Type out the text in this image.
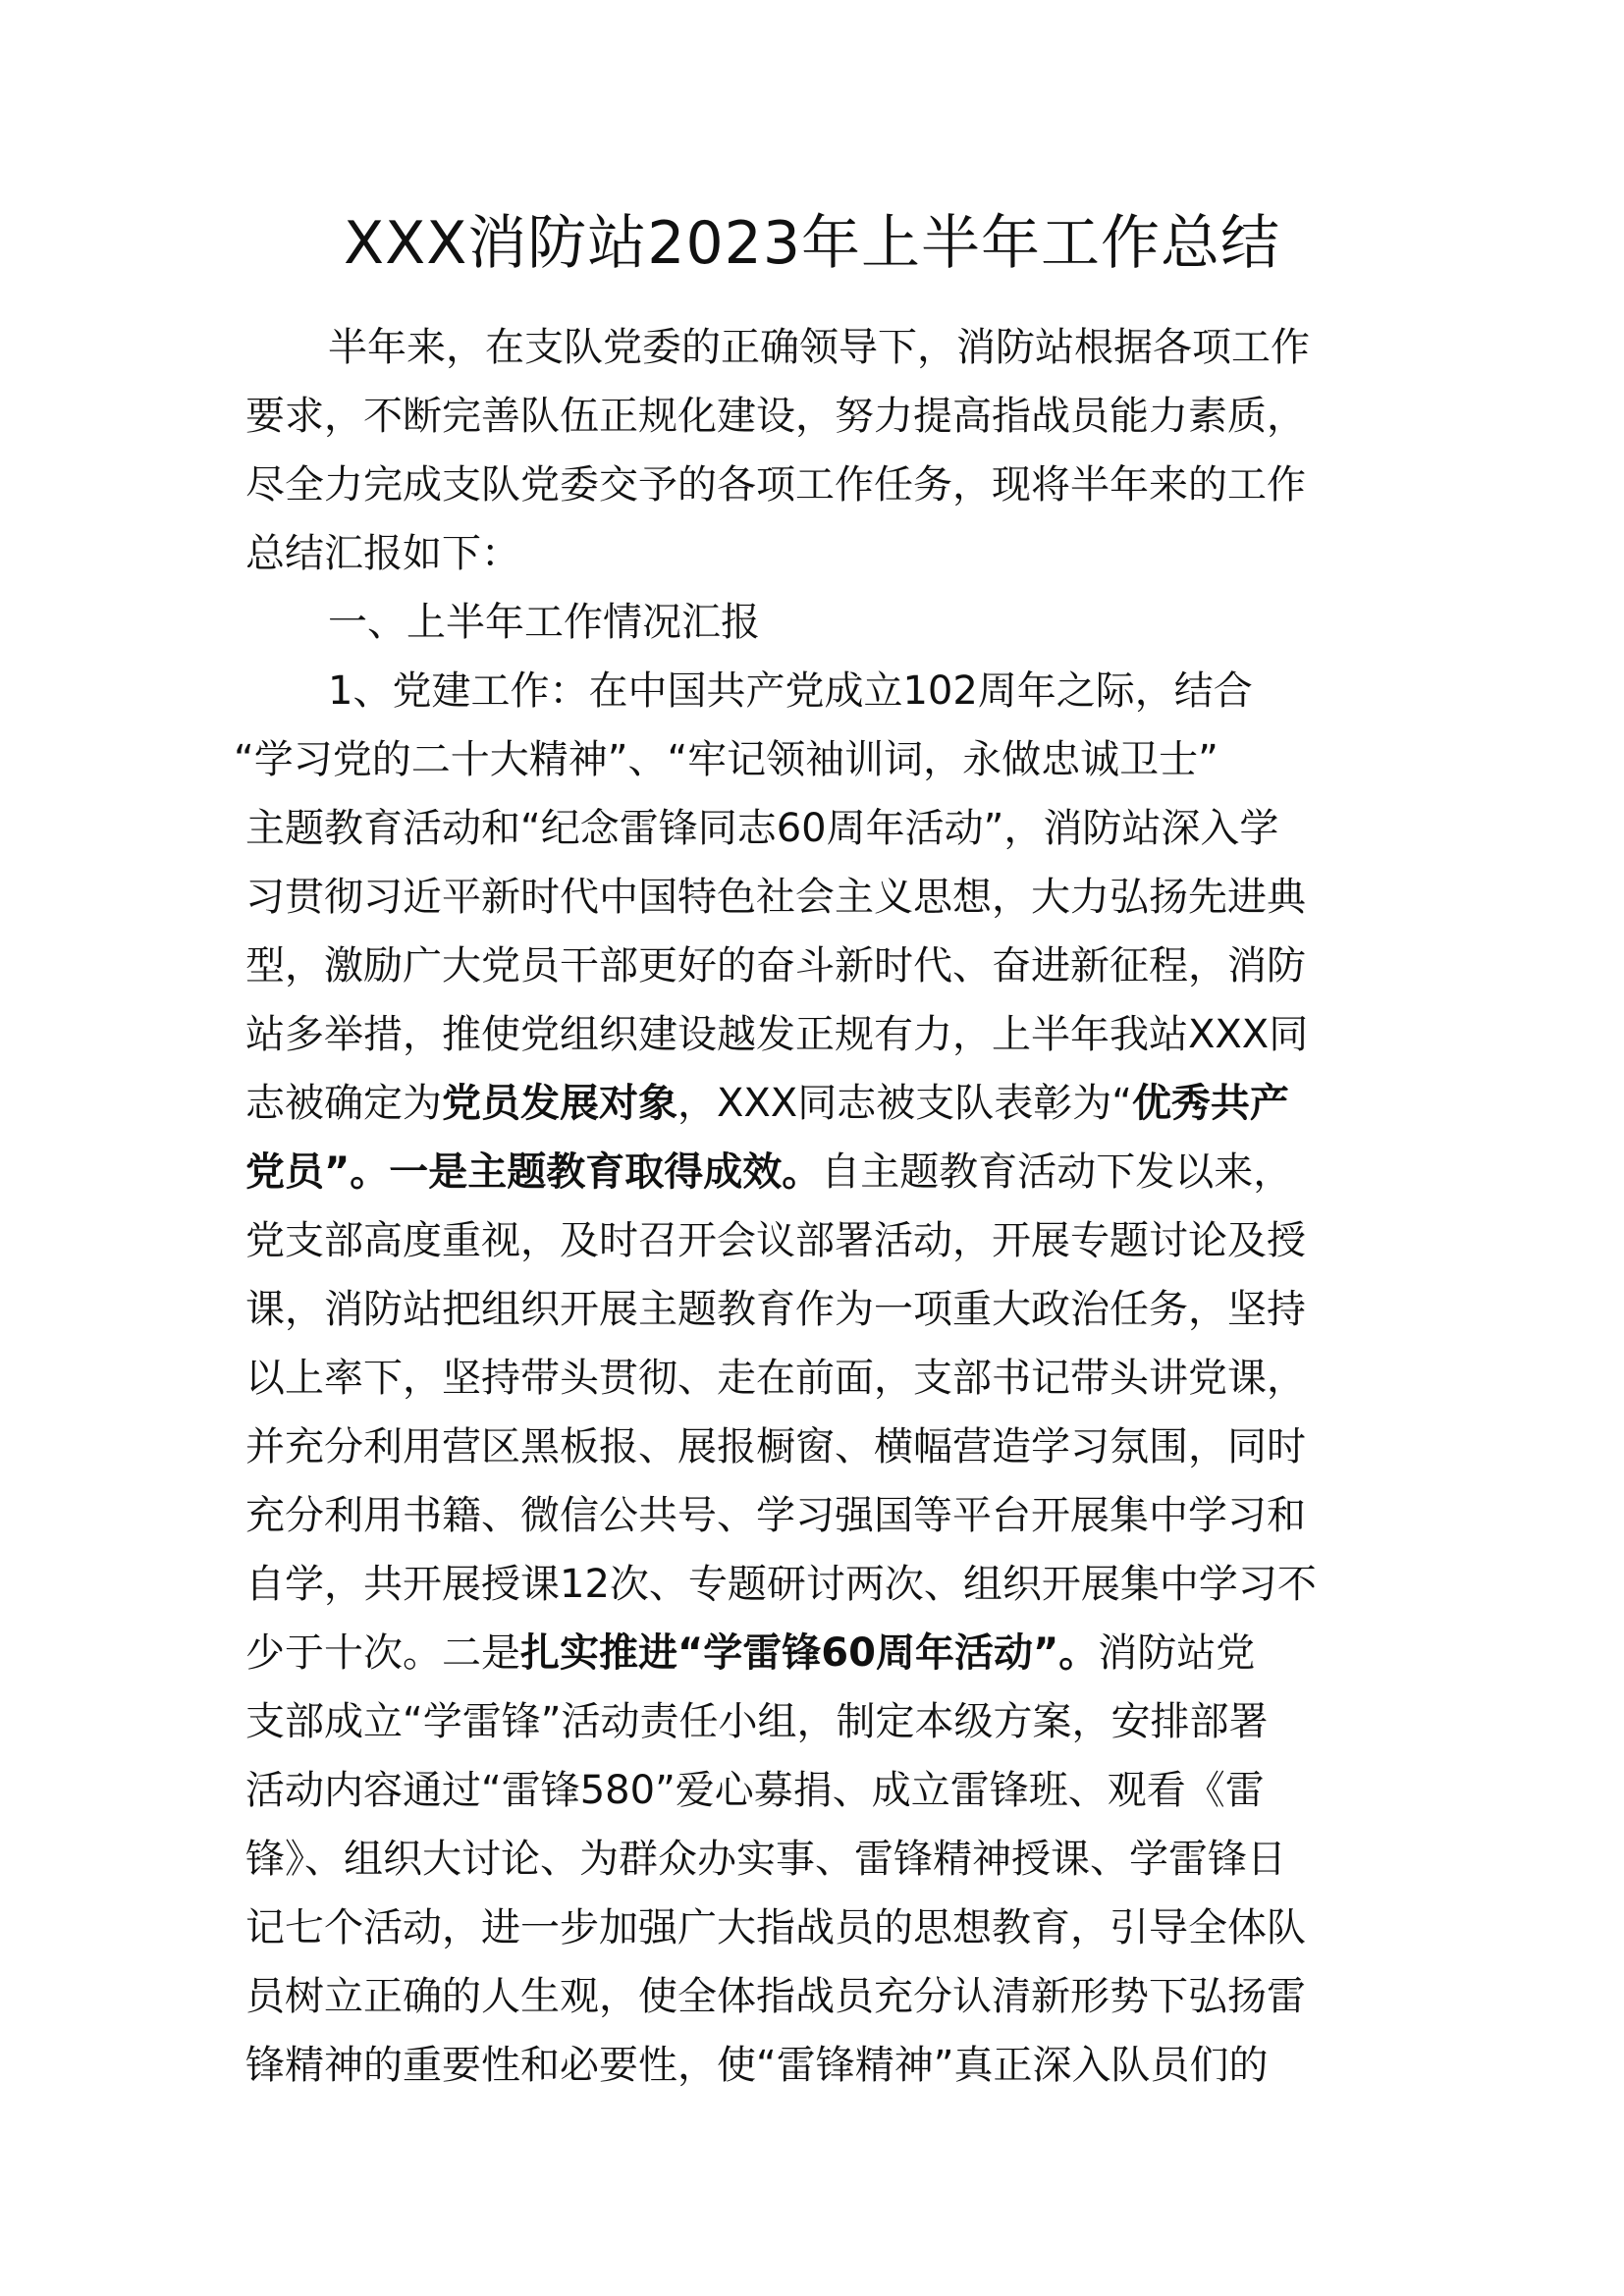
XXX消防站2023年上半年工作总结
半年来，在支队党委的正确领导下，消防站根据各项工作
要求，不断完善队伍正规化建设，努力提高指战员能力素质，
尽全力完成支队党委交予的各项工作任务，现将半年来的工作
总结汇报如下：
一、上半年工作情况汇报
1、党建工作：在中国共产党成立102周年之际，结合
“学习党的二十大精神”、“牢记领袖训词，永做忠诚卫士”
主题教育活动和“纪念雷锋同志60周年活动”，消防站深入学
习贯彻习近平新时代中国特色社会主义思想，大力弘扬先进典
型，激励广大党员干部更好的奋斗新时代、奋进新征程，消防
站多举措，推使党组织建设越发正规有力，上半年我站XXX同
志被确定为党员发展对象，XXX同志被支队表彰为“优秀共产
党员”。一是主题教育取得成效。自主题教育活动下发以来，
党支部高度重视，及时召开会议部署活动，开展专题讨论及授
课，消防站把组织开展主题教育作为一项重大政治任务，坚持
以上率下，坚持带头贯彻、走在前面，支部书记带头讲党课，
并充分利用营区黑板报、展报橱窗、横幅营造学习氛围，同时
充分利用书籍、微信公共号、学习强国等平台开展集中学习和
自学，共开展授课12次、专题研讨两次、组织开展集中学习不
少于十次。二是扎实推进“学雷锋60周年活动”。消防站党
支部成立“学雷锋”活动责任小组，制定本级方案，安排部署
活动内容通过“雷锋580”爱心募捐、成立雷锋班、观看《雷
锋》、组织大讨论、为群众办实事、雷锋精神授课、学雷锋日
记七个活动，进一步加强广大指战员的思想教育，引导全体队
员树立正确的人生观，使全体指战员充分认清新形势下弘扬雷
锋精神的重要性和必要性，使“雷锋精神”真正深入队员们的
